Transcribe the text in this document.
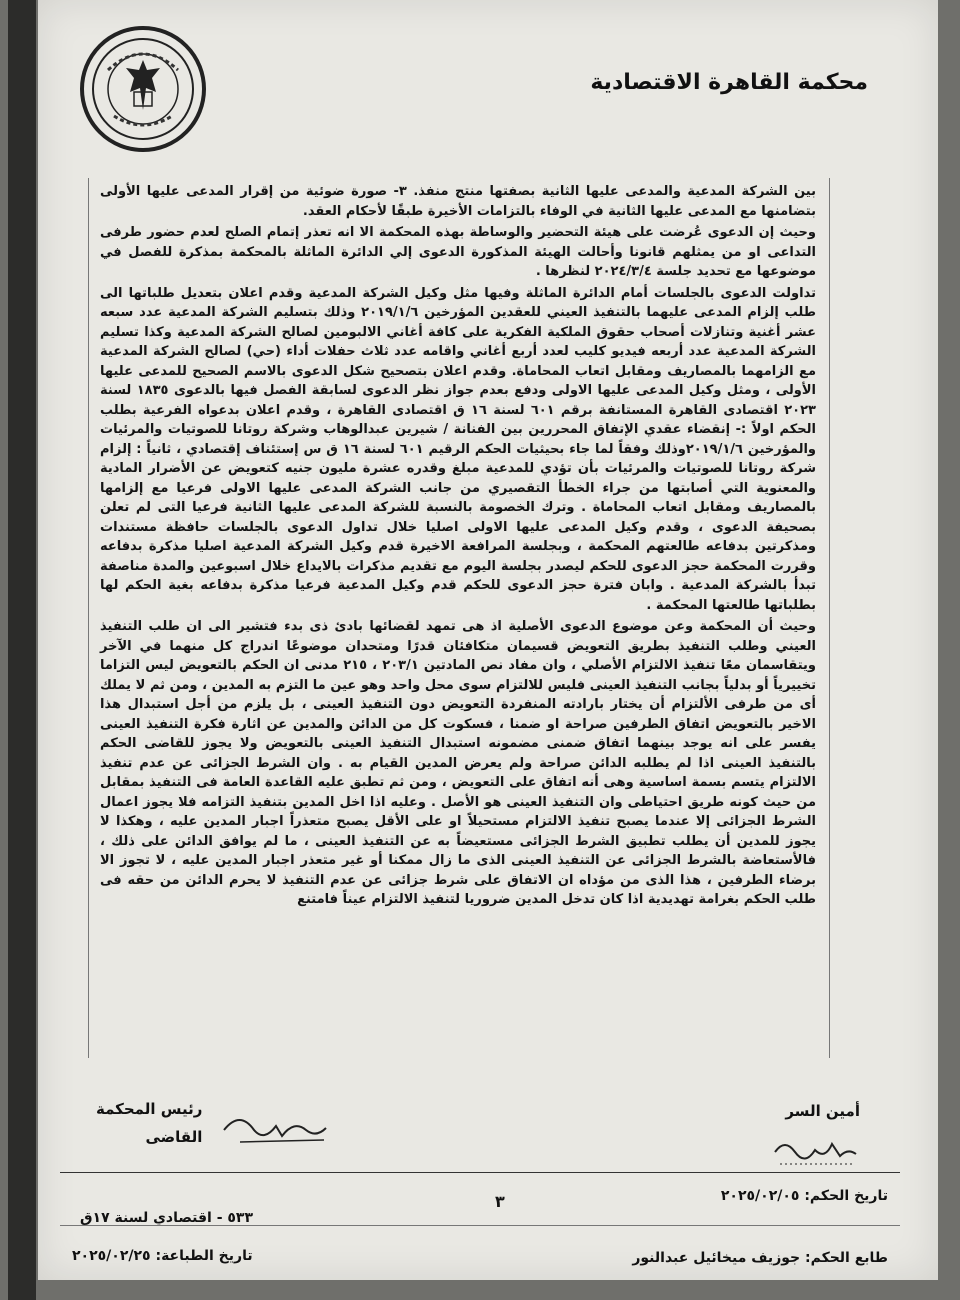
محكمة القاهرة الاقتصادية

بين الشركة المدعية والمدعى عليها الثانية بصفتها منتج منفذ. ٣- صورة ضوئية من إقرار المدعى عليها الأولى بتضامنها مع المدعى عليها الثانية في الوفاء بالتزامات الأخيرة طبقًا لأحكام العقد.

وحيث إن الدعوى عُرضت على هيئة التحضير والوساطة بهذه المحكمة الا انه تعذر إتمام الصلح لعدم حضور طرفى التداعى او من يمثلهم قانونا وأحالت الهيئة المذكورة الدعوى إلي الدائرة الماثلة بالمحكمة بمذكرة للفصل في موضوعها مع تحديد جلسة ٢٠٢٤/٣/٤ لنظرها .

تداولت الدعوى بالجلسات أمام الدائرة الماثلة وفيها مثل وكيل الشركة المدعية وقدم اعلان بتعديل طلباتها الى طلب إلزام المدعى عليهما بالتنفيذ العيني للعقدين المؤرخين ٢٠١٩/١/٦ وذلك بتسليم الشركة المدعية عدد سبعه عشر أغنية وتنازلات أصحاب حقوق الملكية الفكرية على كافة أغاني الالبومين لصالح الشركة المدعية وكذا تسليم الشركة المدعية عدد أربعه فيديو كليب لعدد أربع أغاني واقامه عدد ثلاث حفلات أداء (حي) لصالح الشركة المدعية مع الزامهما بالمصاريف ومقابل اتعاب المحاماة. وقدم اعلان بتصحيح شكل الدعوى بالاسم الصحيح للمدعى عليها الأولى ، ومثل وكيل المدعى عليها الاولى ودفع بعدم جواز نظر الدعوى لسابقة الفصل فيها بالدعوى ١٨٣٥ لسنة ٢٠٢٣ اقتصادى القاهرة المستانفة برقم ٦٠١ لسنة ١٦ ق اقتصادى القاهرة ، وقدم اعلان بدعواه الفرعية بطلب الحكم اولاً :- إنقضاء عقدي الإتفاق المحررين بين الفنانة / شيرين عبدالوهاب وشركة روتانا للصوتيات والمرئيات والمؤرخين ٢٠١٩/١/٦وذلك وفقاً لما جاء بحيثيات الحكم الرقيم ٦٠١ لسنة ١٦ ق س إستئناف إقتصادي ، ثانياً : إلزام شركة روتانا للصوتيات والمرئيات بأن تؤدي للمدعية مبلغ وقدره عشرة مليون جنيه كتعويض عن الأضرار المادية والمعنوية التي أصابتها من جراء الخطأ التقصيري من جانب الشركة المدعى عليها الاولى فرعيا مع إلزامها بالمصاريف ومقابل اتعاب المحاماة . وترك الخصومة بالنسبة للشركة المدعى عليها الثانية فرعيا التى لم تعلن بصحيفة الدعوى ، وقدم وكيل المدعى عليها الاولى اصليا خلال تداول الدعوى بالجلسات حافظة مستندات ومذكرتين بدفاعه طالعتهم المحكمة ، وبجلسة المرافعة الاخيرة قدم وكيل الشركة المدعية اصليا مذكرة بدفاعه وقررت المحكمة حجز الدعوى للحكم ليصدر بجلسة اليوم مع تقديم مذكرات بالايداع خلال اسبوعين والمدة مناصفة تبدأ بالشركة المدعية . وابان فترة حجز الدعوى للحكم قدم وكيل المدعية فرعيا مذكرة بدفاعه بغية الحكم لها بطلباتها طالعتها المحكمة .

وحيث أن المحكمة وعن موضوع الدعوى الأصلية اذ هى تمهد لقضائها بادئ ذى بدء فتشير الى ان طلب التنفيذ العيني وطلب التنفيذ بطريق التعويض قسيمان متكافئان قدرًا ومتحدان موضوعًا اندراج كل منهما في الآخر ويتقاسمان معًا تنفيذ الالتزام الأصلي ، وان مفاد نص المادتين ٢٠٣/١ ، ٢١٥ مدنى ان الحكم بالتعويض ليس التزاما تخييرياً أو بدلياً بجانب التنفيذ العينى فليس للالتزام سوى محل واحد وهو عين ما التزم به المدين ، ومن ثم لا يملك أى من طرفى الألتزام أن يختار بارادته المنفردة التعويض دون التنفيذ العينى ، بل يلزم من أجل استبدال هذا الاخير بالتعويض اتفاق الطرفين صراحة او ضمنا ، فسكوت كل من الدائن والمدين عن اثارة فكرة التنفيذ العينى يفسر على انه يوجد بينهما اتفاق ضمنى مضمونه استبدال التنفيذ العينى بالتعويض ولا يجوز للقاضى الحكم بالتنفيذ العينى اذا لم يطلبه الدائن صراحة ولم يعرض المدين القيام به . وان الشرط الجزائى عن عدم تنفيذ الالتزام يتسم بسمة اساسية وهى أنه اتفاق على التعويض ، ومن ثم تطبق عليه القاعدة العامة فى التنفيذ بمقابل من حيث كونه طريق احتياطى وان التنفيذ العينى هو الأصل . وعليه اذا اخل المدين بتنفيذ التزامه فلا يجوز اعمال الشرط الجزائى إلا عندما يصبح تنفيذ الالتزام مستحيلاً او على الأقل يصبح متعذراً اجبار المدين عليه ، وهكذا لا يجوز للمدين أن يطلب تطبيق الشرط الجزائى مستعيضاً به عن التنفيذ العينى ، ما لم يوافق الدائن على ذلك ، فالأستعاضة بالشرط الجزائى عن التنفيذ العينى الذى ما زال ممكنا أو غير متعذر اجبار المدين عليه ، لا تجوز الا برضاء الطرفين ، هذا الذى من مؤداه ان الاتفاق على شرط جزائى عن عدم التنفيذ لا يحرم الدائن من حقه فى طلب الحكم بغرامة تهديدية اذا كان تدخل المدين ضروريا لتنفيذ الالتزام عيناً فامتنع

أمين السر
رئيس المحكمة
القاضى
تاريخ الحكم: ٢٠٢٥/٠٢/٠٥
٣
٥٣٣ - اقتصادي لسنة ١٧ق
طابع الحكم: جوزيف ميخائيل عبدالنور
تاريخ الطباعة: ٢٠٢٥/٠٢/٢٥
